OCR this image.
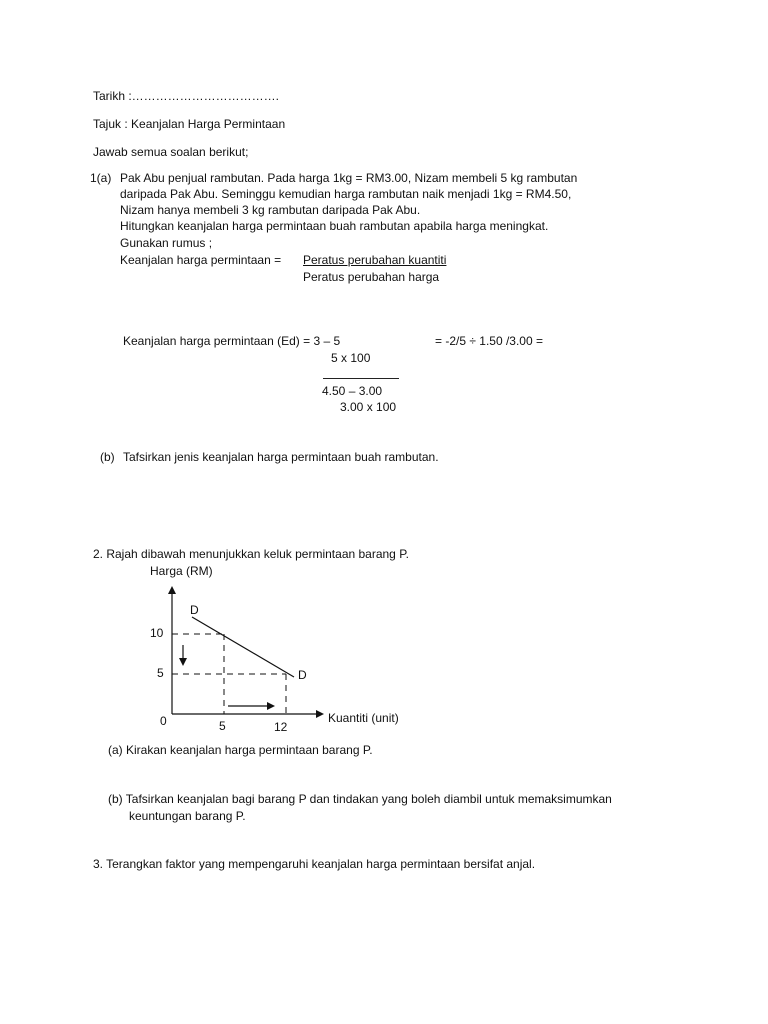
Tarikh :……………………………….
Tajuk : Keanjalan Harga Permintaan
Jawab semua soalan berikut;
1(a) Pak Abu penjual rambutan. Pada harga 1kg = RM3.00, Nizam membeli 5 kg rambutan
daripada Pak Abu. Seminggu kemudian harga rambutan naik menjadi 1kg = RM4.50,
Nizam hanya membeli 3 kg rambutan daripada Pak Abu.
Hitungkan keanjalan harga permintaan buah rambutan apabila harga meningkat.
Gunakan rumus ;
Keanjalan harga permintaan = Peratus perubahan kuantiti
Peratus perubahan harga
Keanjalan harga permintaan (Ed) = 3 – 5	= -2/5 ÷ 1.50 /3.00 =
5 x 100
4.50 – 3.00
3.00 x 100
(b) Tafsirkan jenis keanjalan harga permintaan buah rambutan.
2. Rajah dibawah menunjukkan keluk permintaan barang P.
Harga (RM)
Kuantiti (unit)
0
10
5
5	12
D
D
(a) Kirakan keanjalan harga permintaan barang P.
(b) Tafsirkan keanjalan bagi barang P dan tindakan yang boleh diambil untuk memaksimumkan
keuntungan barang P.
3. Terangkan faktor yang mempengaruhi keanjalan harga permintaan bersifat anjal.
